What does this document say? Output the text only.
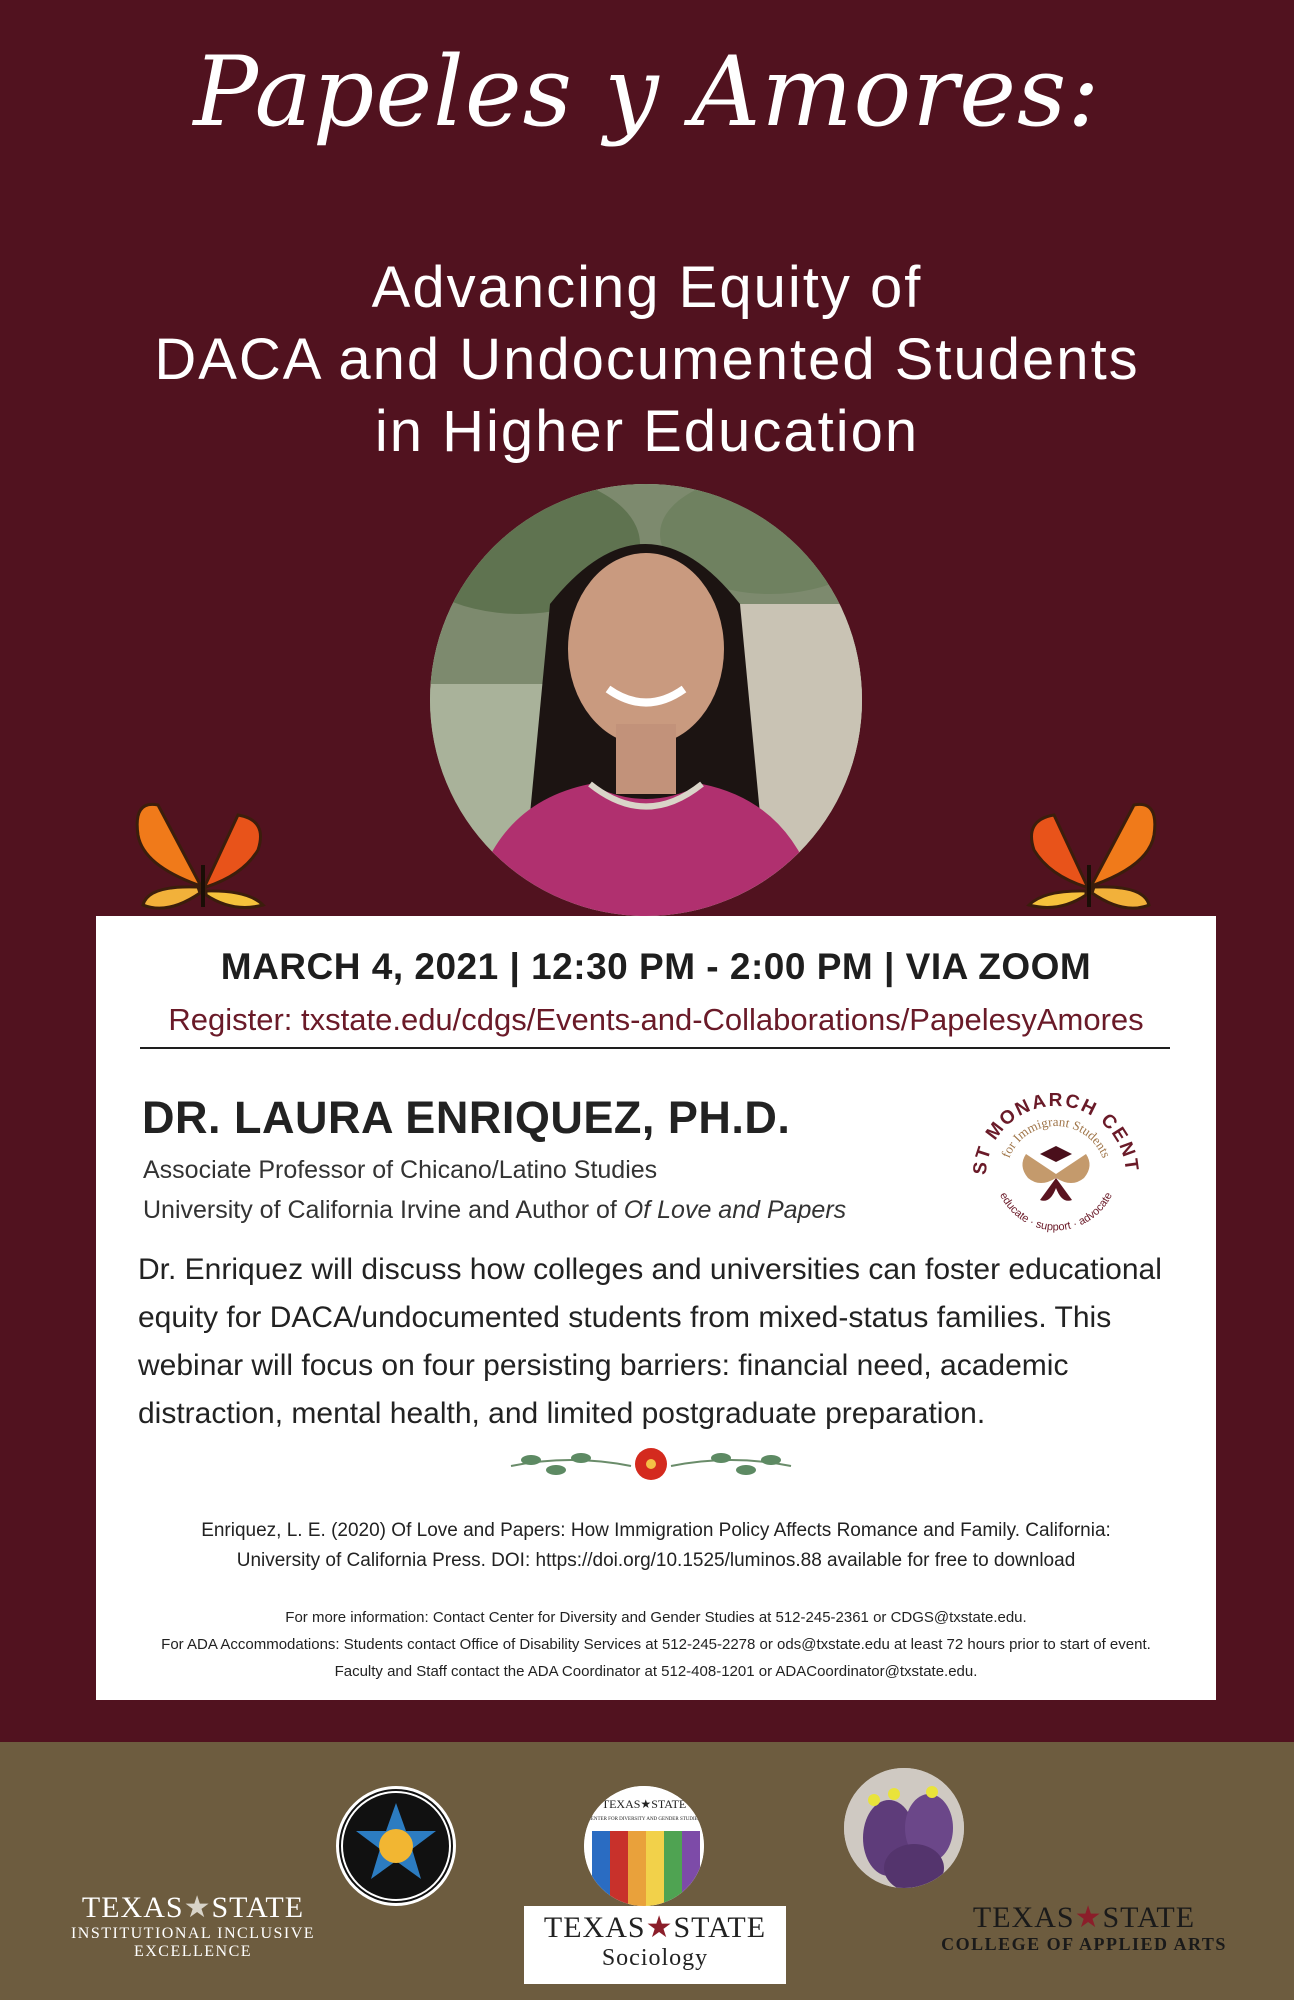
Papeles y Amores:
Advancing Equity of
DACA and Undocumented Students
in Higher Education
MARCH 4, 2021 | 12:30 PM - 2:00 PM | VIA ZOOM
Register: txstate.edu/cdgs/Events-and-Collaborations/PapelesyAmores
DR. LAURA ENRIQUEZ, PH.D.
Associate Professor of Chicano/Latino Studies
University of California Irvine and Author of Of Love and Papers
ST MONARCH CENT
for Immigrant Students
educate · support · advocate
Dr. Enriquez will discuss how colleges and universities can foster educational equity for DACA/undocumented students from mixed-status families. This webinar will focus on four persisting barriers: financial need, academic distraction, mental health, and limited postgraduate preparation.
Enriquez, L. E. (2020) Of Love and Papers: How Immigration Policy Affects Romance and Family. California:
University of California Press. DOI: https://doi.org/10.1525/luminos.88 available for free to download
For more information: Contact Center for Diversity and Gender Studies at 512-245-2361 or CDGS@txstate.edu.
For ADA Accommodations: Students contact Office of Disability Services at 512-245-2278 or ods@txstate.edu at least 72 hours prior to start of event.
Faculty and Staff contact the ADA Coordinator at 512-408-1201 or ADACoordinator@txstate.edu.
TEXAS★STATE
CENTER FOR DIVERSITY AND GENDER STUDIES
TEXAS★STATE
INSTITUTIONAL INCLUSIVE
EXCELLENCE
TEXAS★STATE
Sociology
TEXAS★STATE
COLLEGE OF APPLIED ARTS
